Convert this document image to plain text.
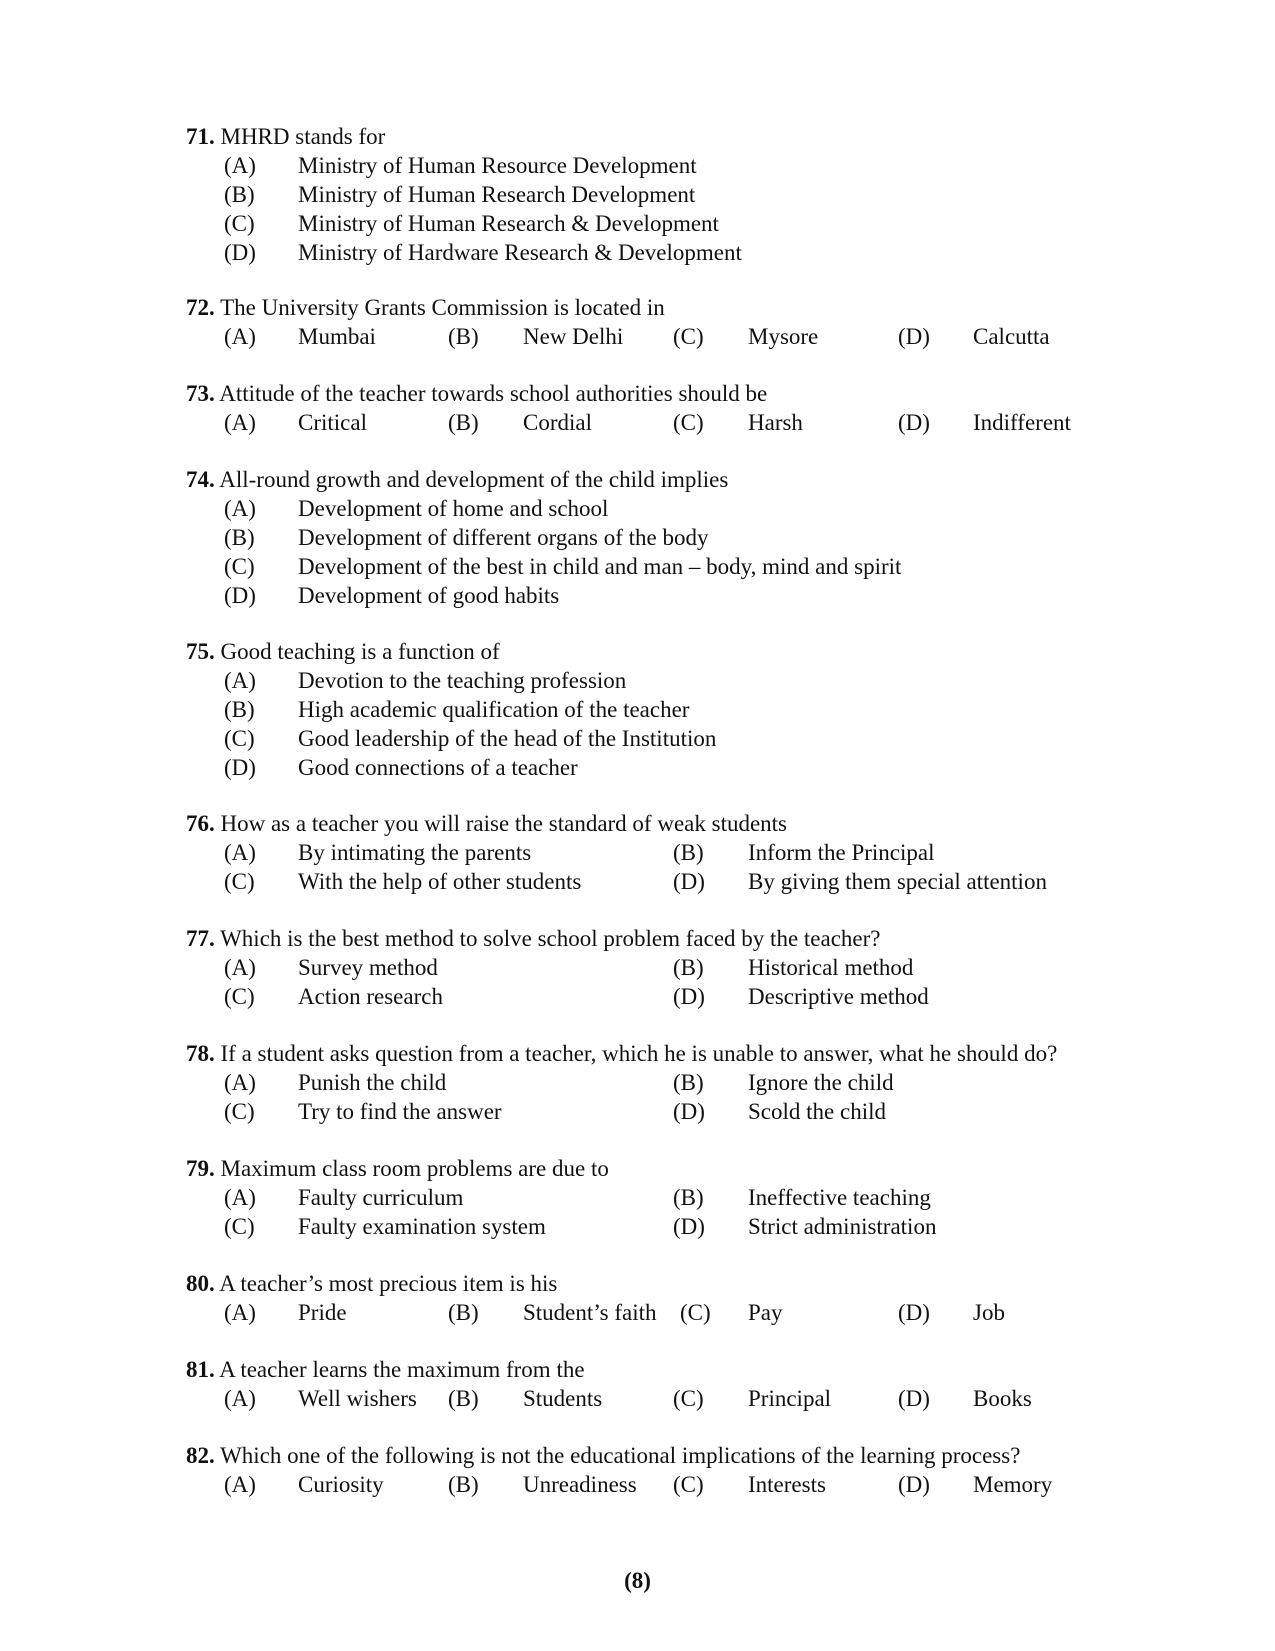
71. MHRD stands for
(A) Ministry of Human Resource Development
(B) Ministry of Human Research Development
(C) Ministry of Human Research & Development
(D) Ministry of Hardware Research & Development
72. The University Grants Commission is located in
(A) Mumbai	(B) New Delhi (C) Mysore	(D) Calcutta
73. Attitude of the teacher towards school authorities should be
(A) Critical	(B) Cordial	(C) Harsh	(D) Indifferent
74. All-round growth and development of the child implies
(A) Development of home and school
(B) Development of different organs of the body
(C) Development of the best in child and man – body, mind and spirit
(D) Development of good habits
75. Good teaching is a function of
(A) Devotion to the teaching profession
(B) High academic qualification of the teacher
(C) Good leadership of the head of the Institution
(D) Good connections of a teacher
76. How as a teacher you will raise the standard of weak students
(A) By intimating the parents	(B) Inform the Principal
(C) With the help of other students	(D) By giving them special attention
77. Which is the best method to solve school problem faced by the teacher?
(A) Survey method	(B) Historical method
(C) Action research	(D) Descriptive method
78. If a student asks question from a teacher, which he is unable to answer, what he should do?
(A) Punish the child	(B) Ignore the child
(C) Try to find the answer	(D) Scold the child
79. Maximum class room problems are due to
(A) Faulty curriculum	(B) Ineffective teaching
(C) Faulty examination system	(D) Strict administration
80. A teacher’s most precious item is his
(A) Pride	(B) Student’s faith (C) Pay	(D) Job
81. A teacher learns the maximum from the
(A) Well wishers (B) Students	(C) Principal	(D) Books
82. Which one of the following is not the educational implications of the learning process?
(A) Curiosity	(B) Unreadiness (C) Interests	(D) Memory
(8)
